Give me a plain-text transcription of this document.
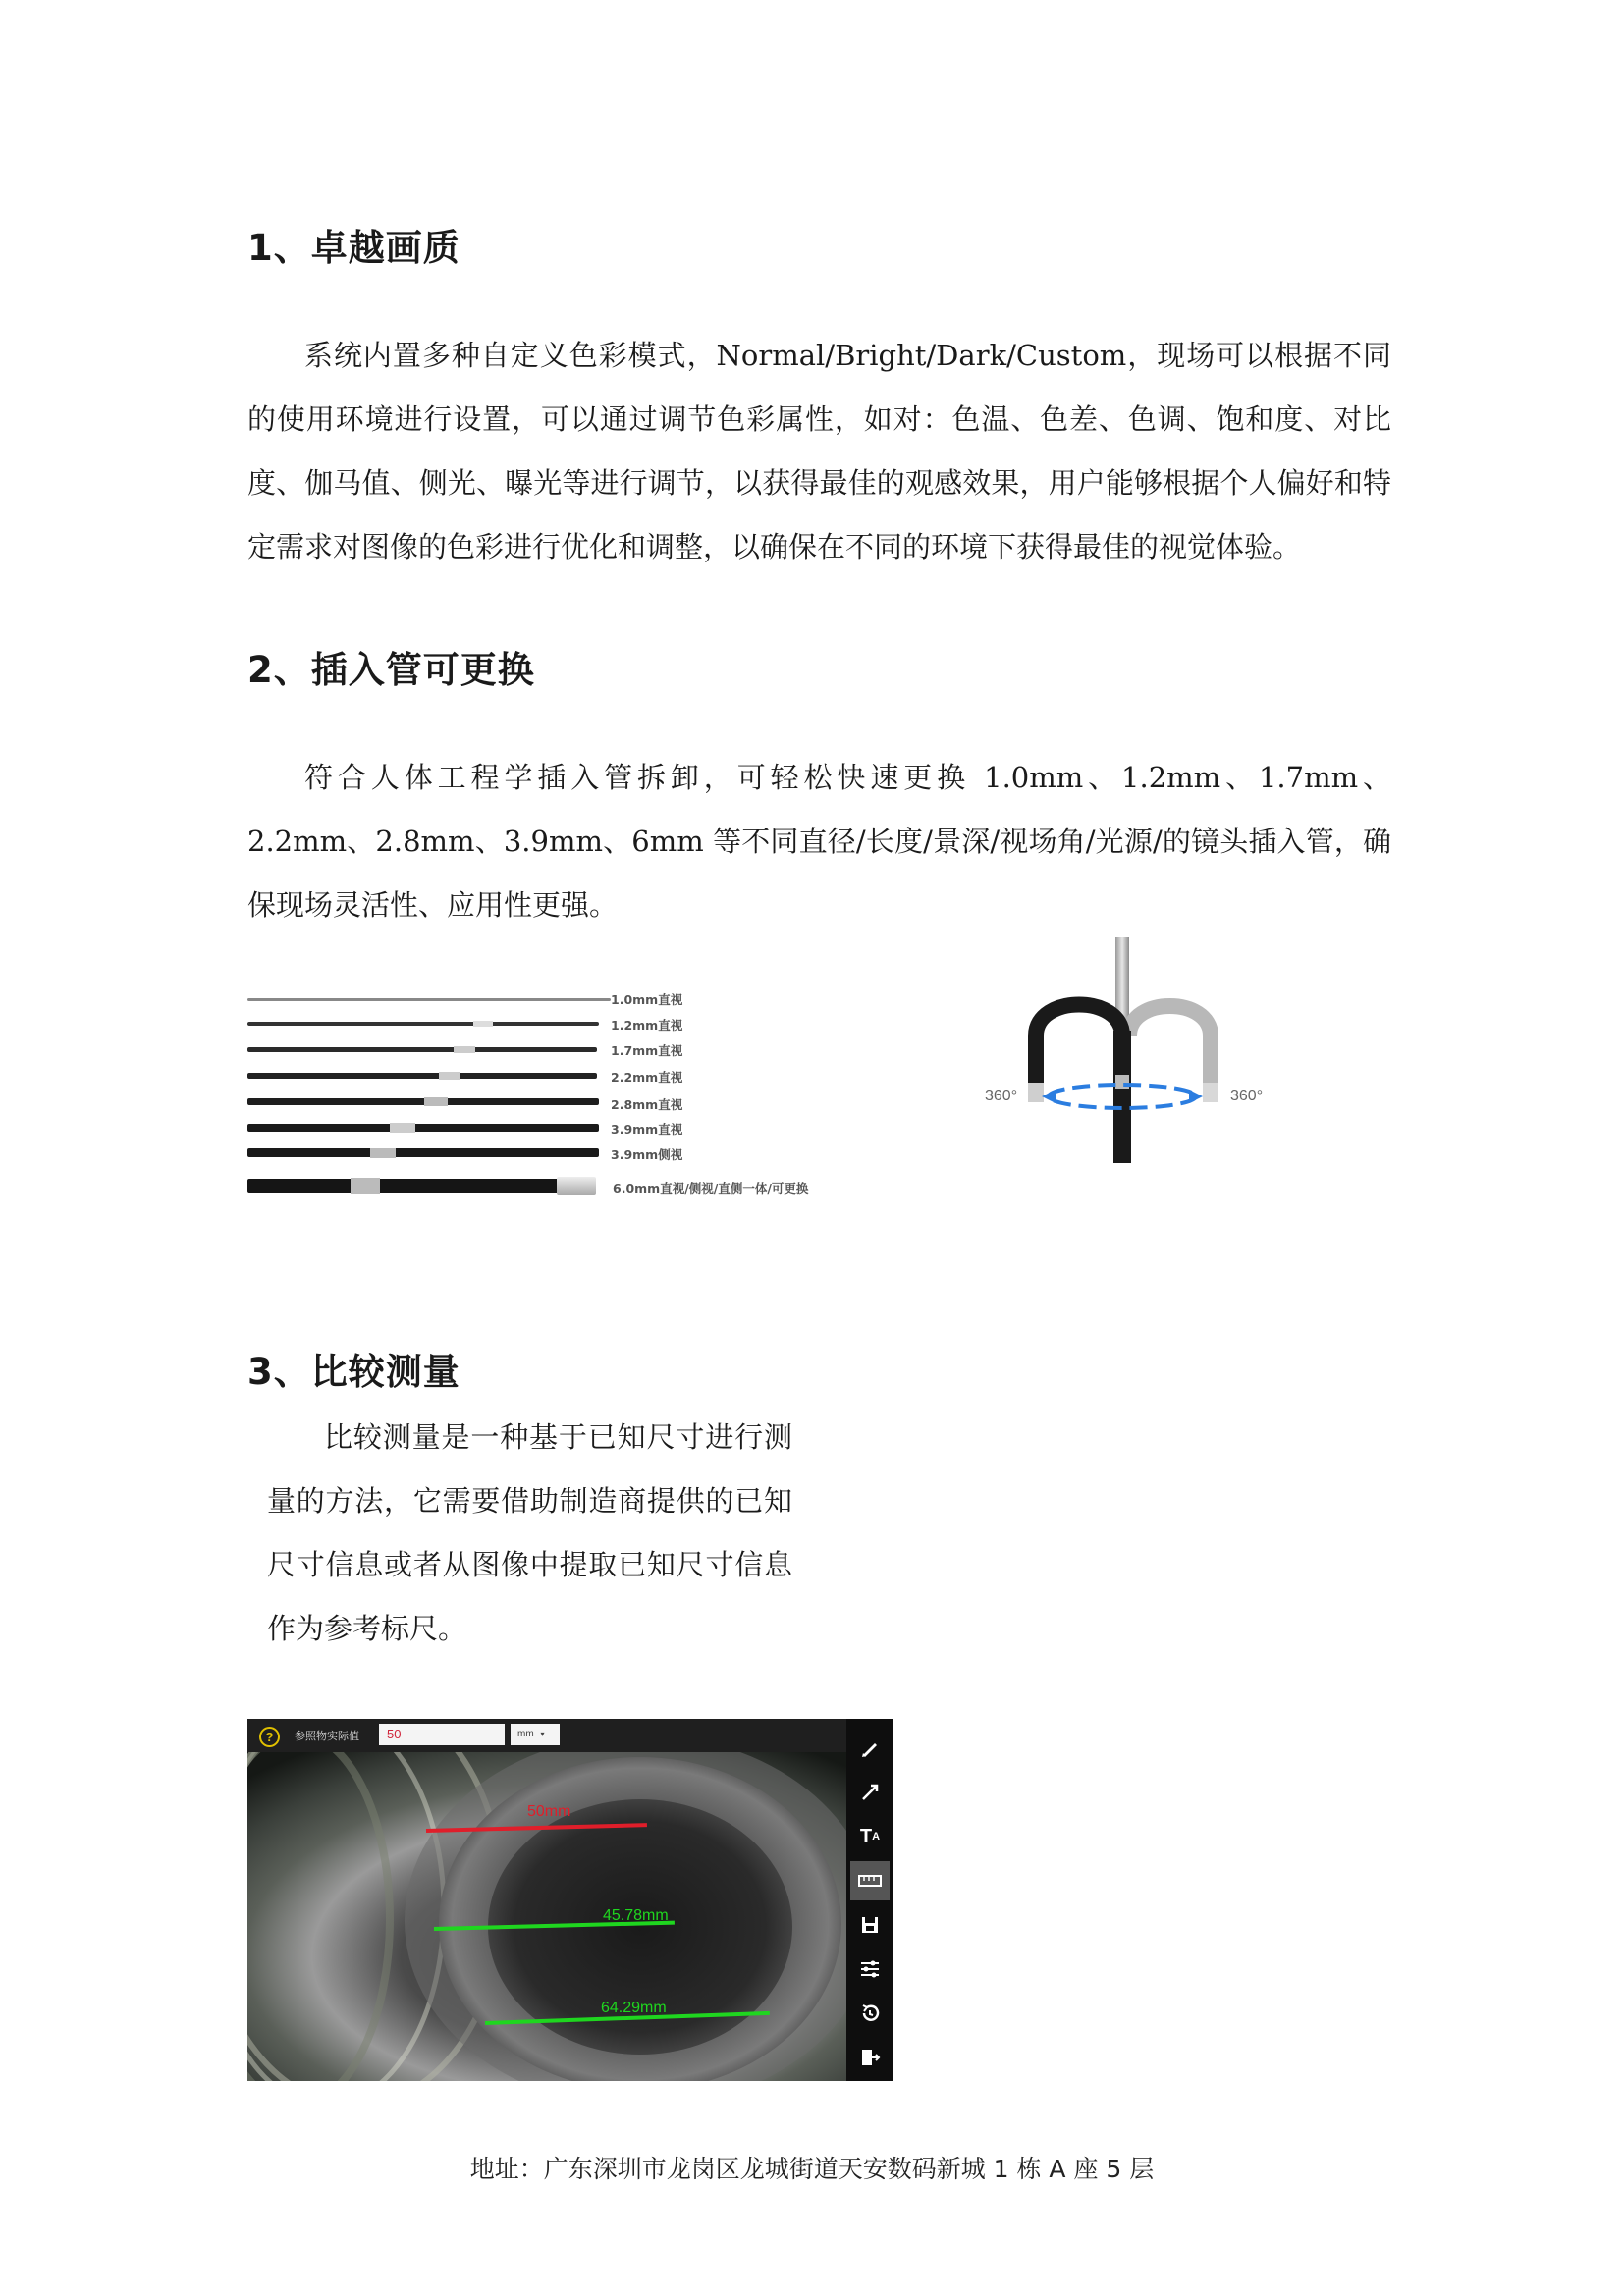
1、卓越画质

系统内置多种自定义色彩模式，Normal/Bright/Dark/Custom，现场可以根据不同的使用环境进行设置，可以通过调节色彩属性，如对：色温、色差、色调、饱和度、对比度、伽马值、侧光、曝光等进行调节，以获得最佳的观感效果，用户能够根据个人偏好和特定需求对图像的色彩进行优化和调整，以确保在不同的环境下获得最佳的视觉体验。

2、插入管可更换

符合人体工程学插入管拆卸，可轻松快速更换 1.0mm、1.2mm、1.7mm、2.2mm、2.8mm、3.9mm、6mm 等不同直径/长度/景深/视场角/光源/的镜头插入管，确保现场灵活性、应用性更强。

1.0mm直视
1.2mm直视
1.7mm直视
2.2mm直视
2.8mm直视
3.9mm直视
3.9mm侧视
6.0mm直视/侧视/直侧一体/可更换
360°	360°
3、比较测量

比较测量是一种基于已知尺寸进行测量的方法，它需要借助制造商提供的已知尺寸信息或者从图像中提取已知尺寸信息作为参考标尺。

?	参照物实际值	50	mm ▾
50mm
45.78mm
64.29mm
T A
地址：广东深圳市龙岗区龙城街道天安数码新城 1 栋 A 座 5 层
